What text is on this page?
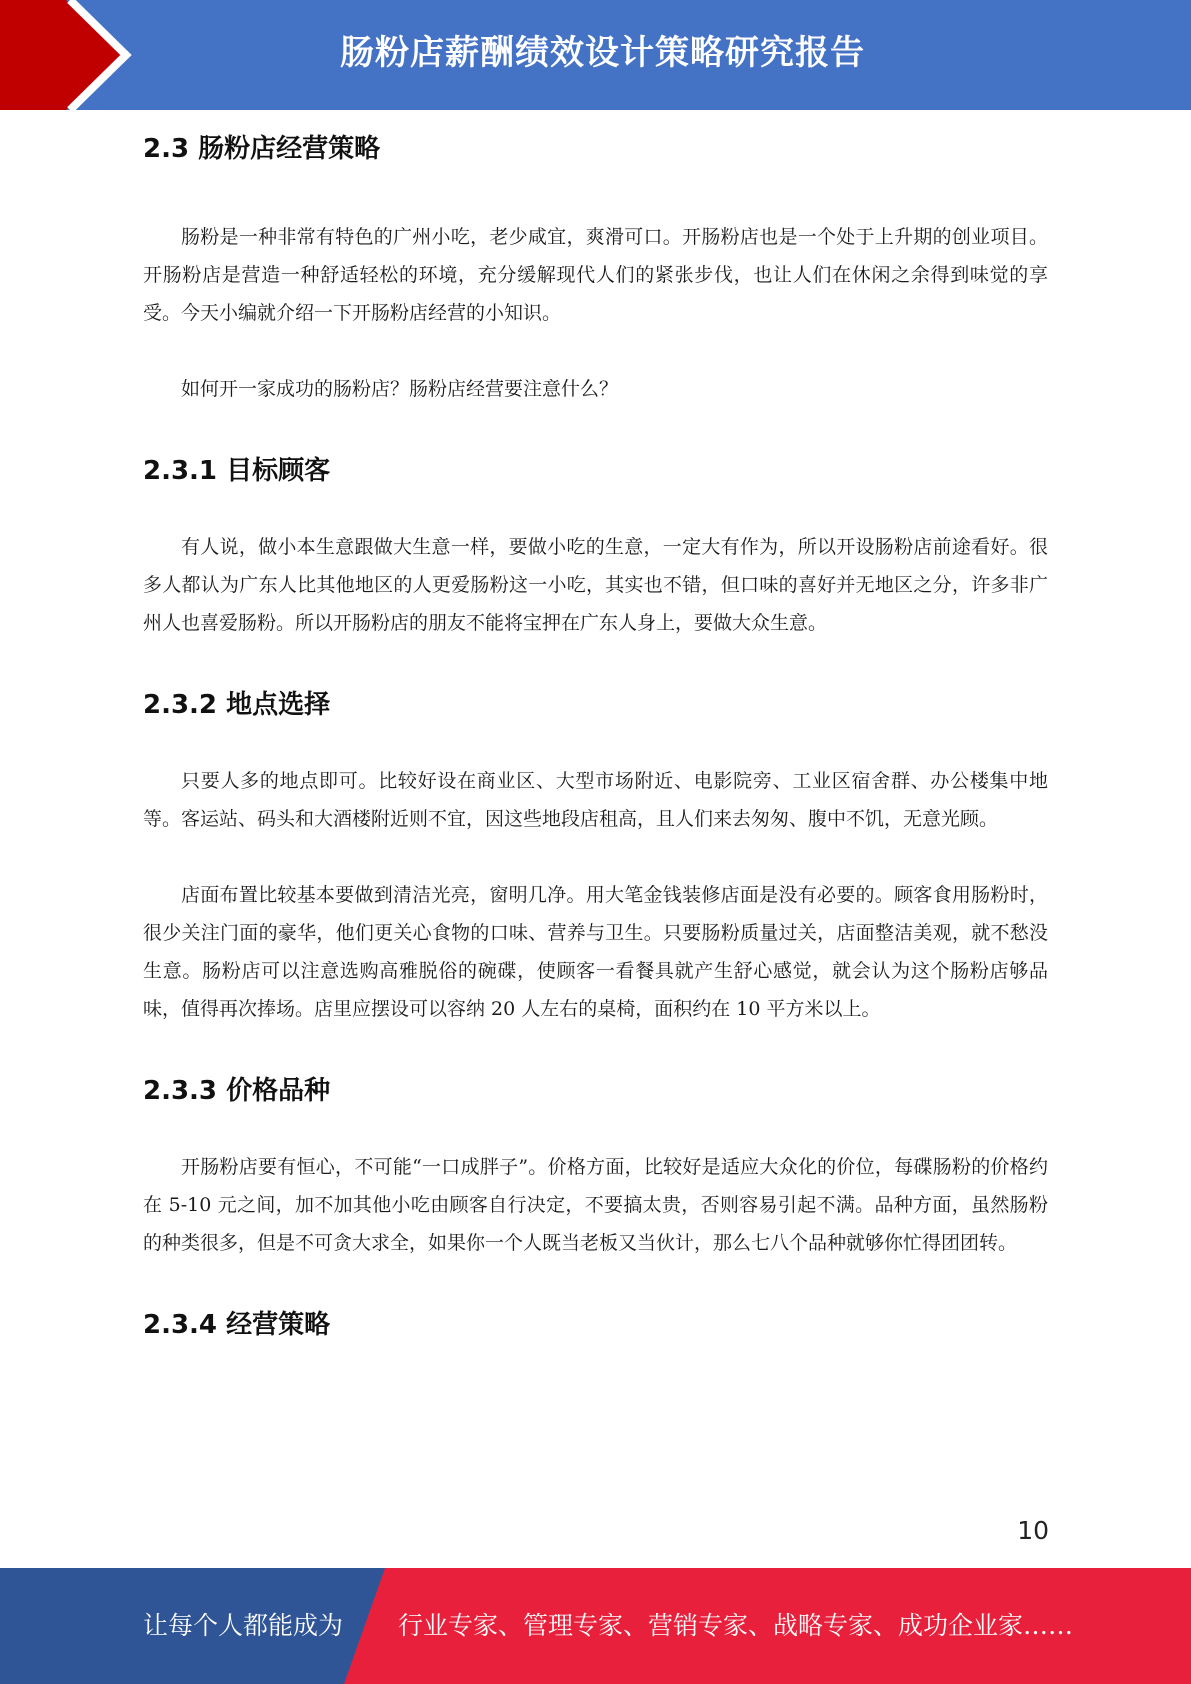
肠粉店薪酬绩效设计策略研究报告
2.3 肠粉店经营策略

肠粉是一种非常有特色的广州小吃，老少咸宜，爽滑可口。开肠粉店也是一个处于上升期的创业项目。开肠粉店是营造一种舒适轻松的环境，充分缓解现代人们的紧张步伐，也让人们在休闲之余得到味觉的享受。今天小编就介绍一下开肠粉店经营的小知识。

如何开一家成功的肠粉店？肠粉店经营要注意什么？

2.3.1 目标顾客

有人说，做小本生意跟做大生意一样，要做小吃的生意，一定大有作为，所以开设肠粉店前途看好。很多人都认为广东人比其他地区的人更爱肠粉这一小吃，其实也不错，但口味的喜好并无地区之分，许多非广州人也喜爱肠粉。所以开肠粉店的朋友不能将宝押在广东人身上，要做大众生意。

2.3.2 地点选择

只要人多的地点即可。比较好设在商业区、大型市场附近、电影院旁、工业区宿舍群、办公楼集中地等。客运站、码头和大酒楼附近则不宜，因这些地段店租高，且人们来去匆匆、腹中不饥，无意光顾。

店面布置比较基本要做到清洁光亮，窗明几净。用大笔金钱装修店面是没有必要的。顾客食用肠粉时，很少关注门面的豪华，他们更关心食物的口味、营养与卫生。只要肠粉质量过关，店面整洁美观，就不愁没生意。肠粉店可以注意选购高雅脱俗的碗碟，使顾客一看餐具就产生舒心感觉，就会认为这个肠粉店够品味，值得再次捧场。店里应摆设可以容纳 20 人左右的桌椅，面积约在 10 平方米以上。

2.3.3 价格品种

开肠粉店要有恒心，不可能“一口成胖子”。价格方面，比较好是适应大众化的价位，每碟肠粉的价格约在 5-10 元之间，加不加其他小吃由顾客自行决定，不要搞太贵，否则容易引起不满。品种方面，虽然肠粉的种类很多，但是不可贪大求全，如果你一个人既当老板又当伙计，那么七八个品种就够你忙得团团转。

2.3.4 经营策略
10
让每个人都能成为 行业专家、管理专家、营销专家、战略专家、成功企业家……
